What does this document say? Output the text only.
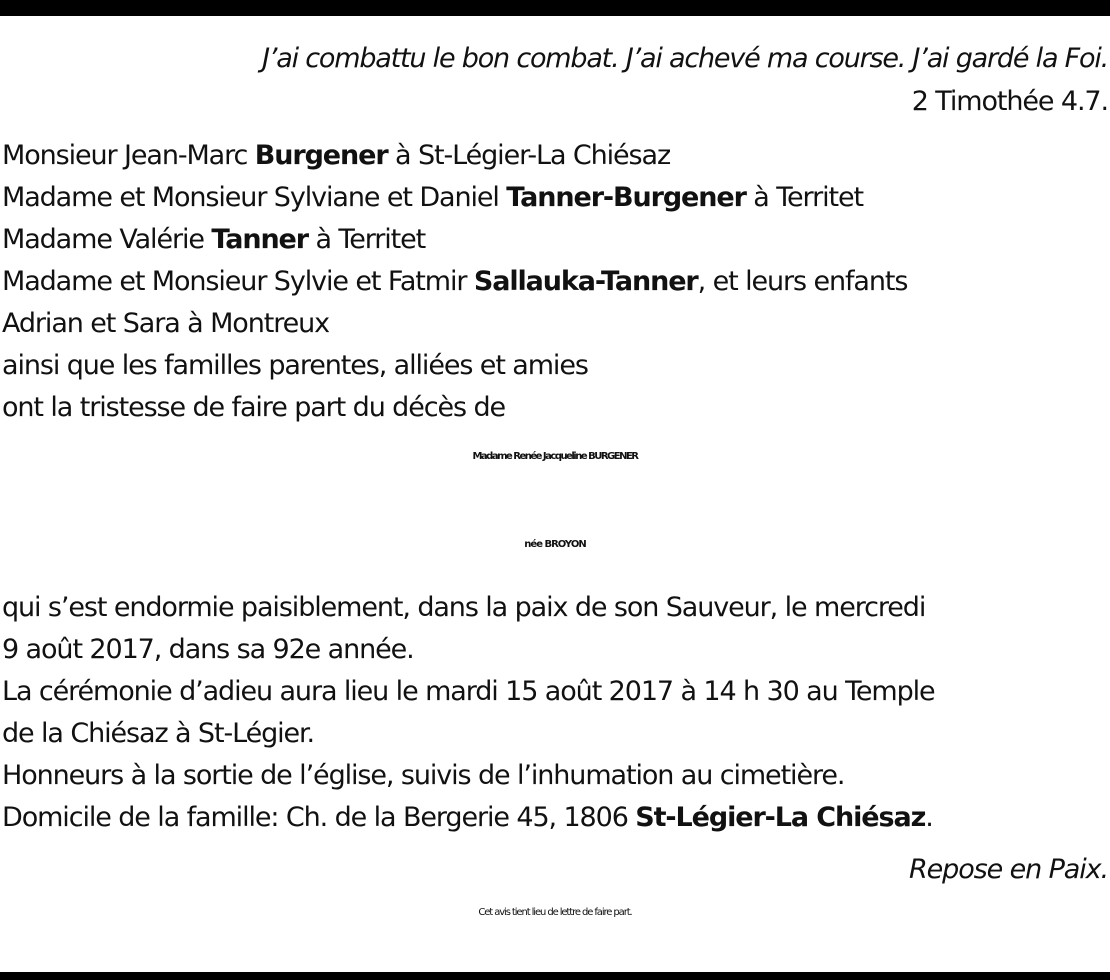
J’ai combattu le bon combat. J’ai achevé ma course. J’ai gardé la Foi.
2 Timothée 4.7.
Monsieur Jean-Marc Burgener à St-Légier-La Chiésaz
Madame et Monsieur Sylviane et Daniel Tanner-Burgener à Territet
Madame Valérie Tanner à Territet
Madame et Monsieur Sylvie et Fatmir Sallauka-Tanner, et leurs enfants
Adrian et Sara à Montreux
ainsi que les familles parentes, alliées et amies
ont la tristesse de faire part du décès de
Madame Renée Jacqueline BURGENER
née BROYON
qui s’est endormie paisiblement, dans la paix de son Sauveur, le mercredi
9 août 2017, dans sa 92e année.
La cérémonie d’adieu aura lieu le mardi 15 août 2017 à 14 h 30 au Temple
de la Chiésaz à St-Légier.
Honneurs à la sortie de l’église, suivis de l’inhumation au cimetière.
Domicile de la famille: Ch. de la Bergerie 45, 1806 St-Légier-La Chiésaz.
Repose en Paix.
Cet avis tient lieu de lettre de faire part.
